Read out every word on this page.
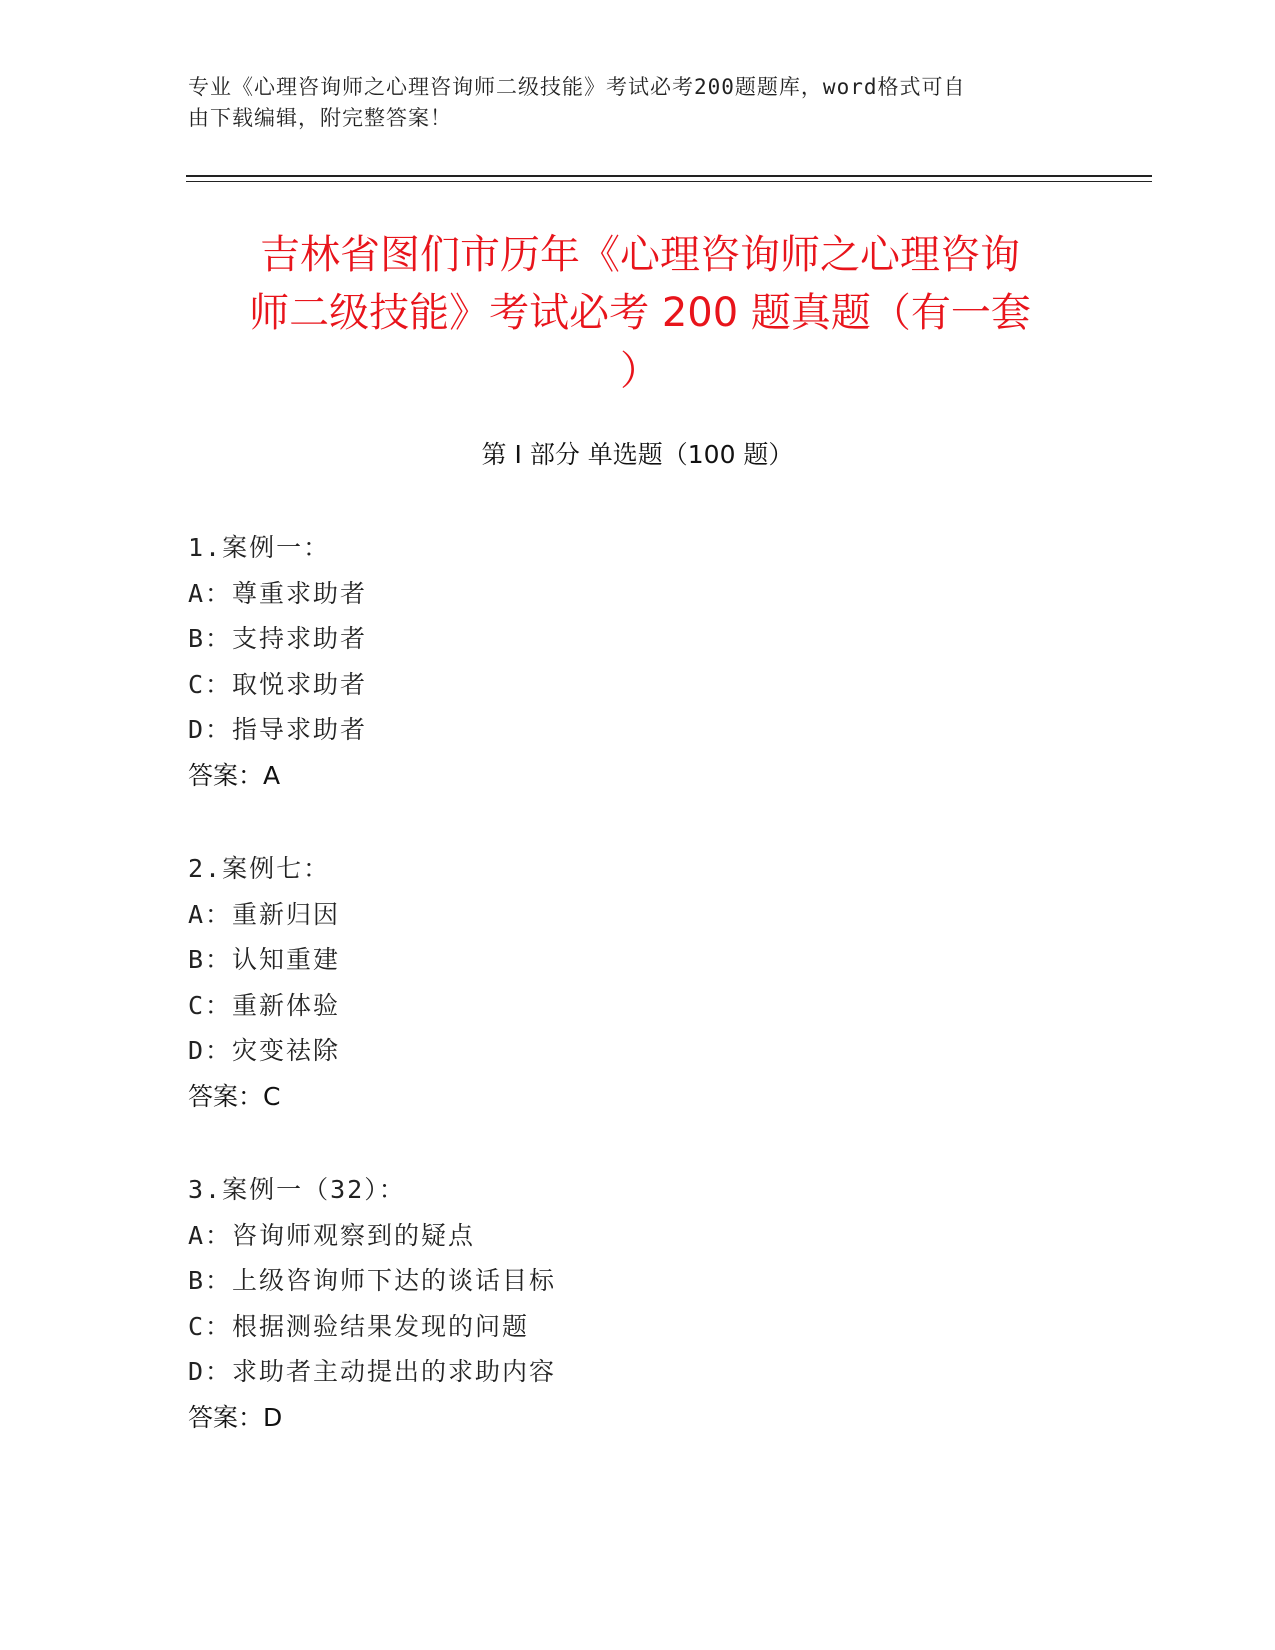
专业《心理咨询师之心理咨询师二级技能》考试必考200题题库，word格式可自
由下载编辑，附完整答案！
吉林省图们市历年《心理咨询师之心理咨询
师二级技能》考试必考 200 题真题（有一套
）
第 I 部分 单选题（100 题）
1.案例一：
A：尊重求助者
B：支持求助者
C：取悦求助者
D：指导求助者
答案：A
2.案例七：
A：重新归因
B：认知重建
C：重新体验
D：灾变祛除
答案：C
3.案例一（32）：
A：咨询师观察到的疑点
B：上级咨询师下达的谈话目标
C：根据测验结果发现的问题
D：求助者主动提出的求助内容
答案：D
